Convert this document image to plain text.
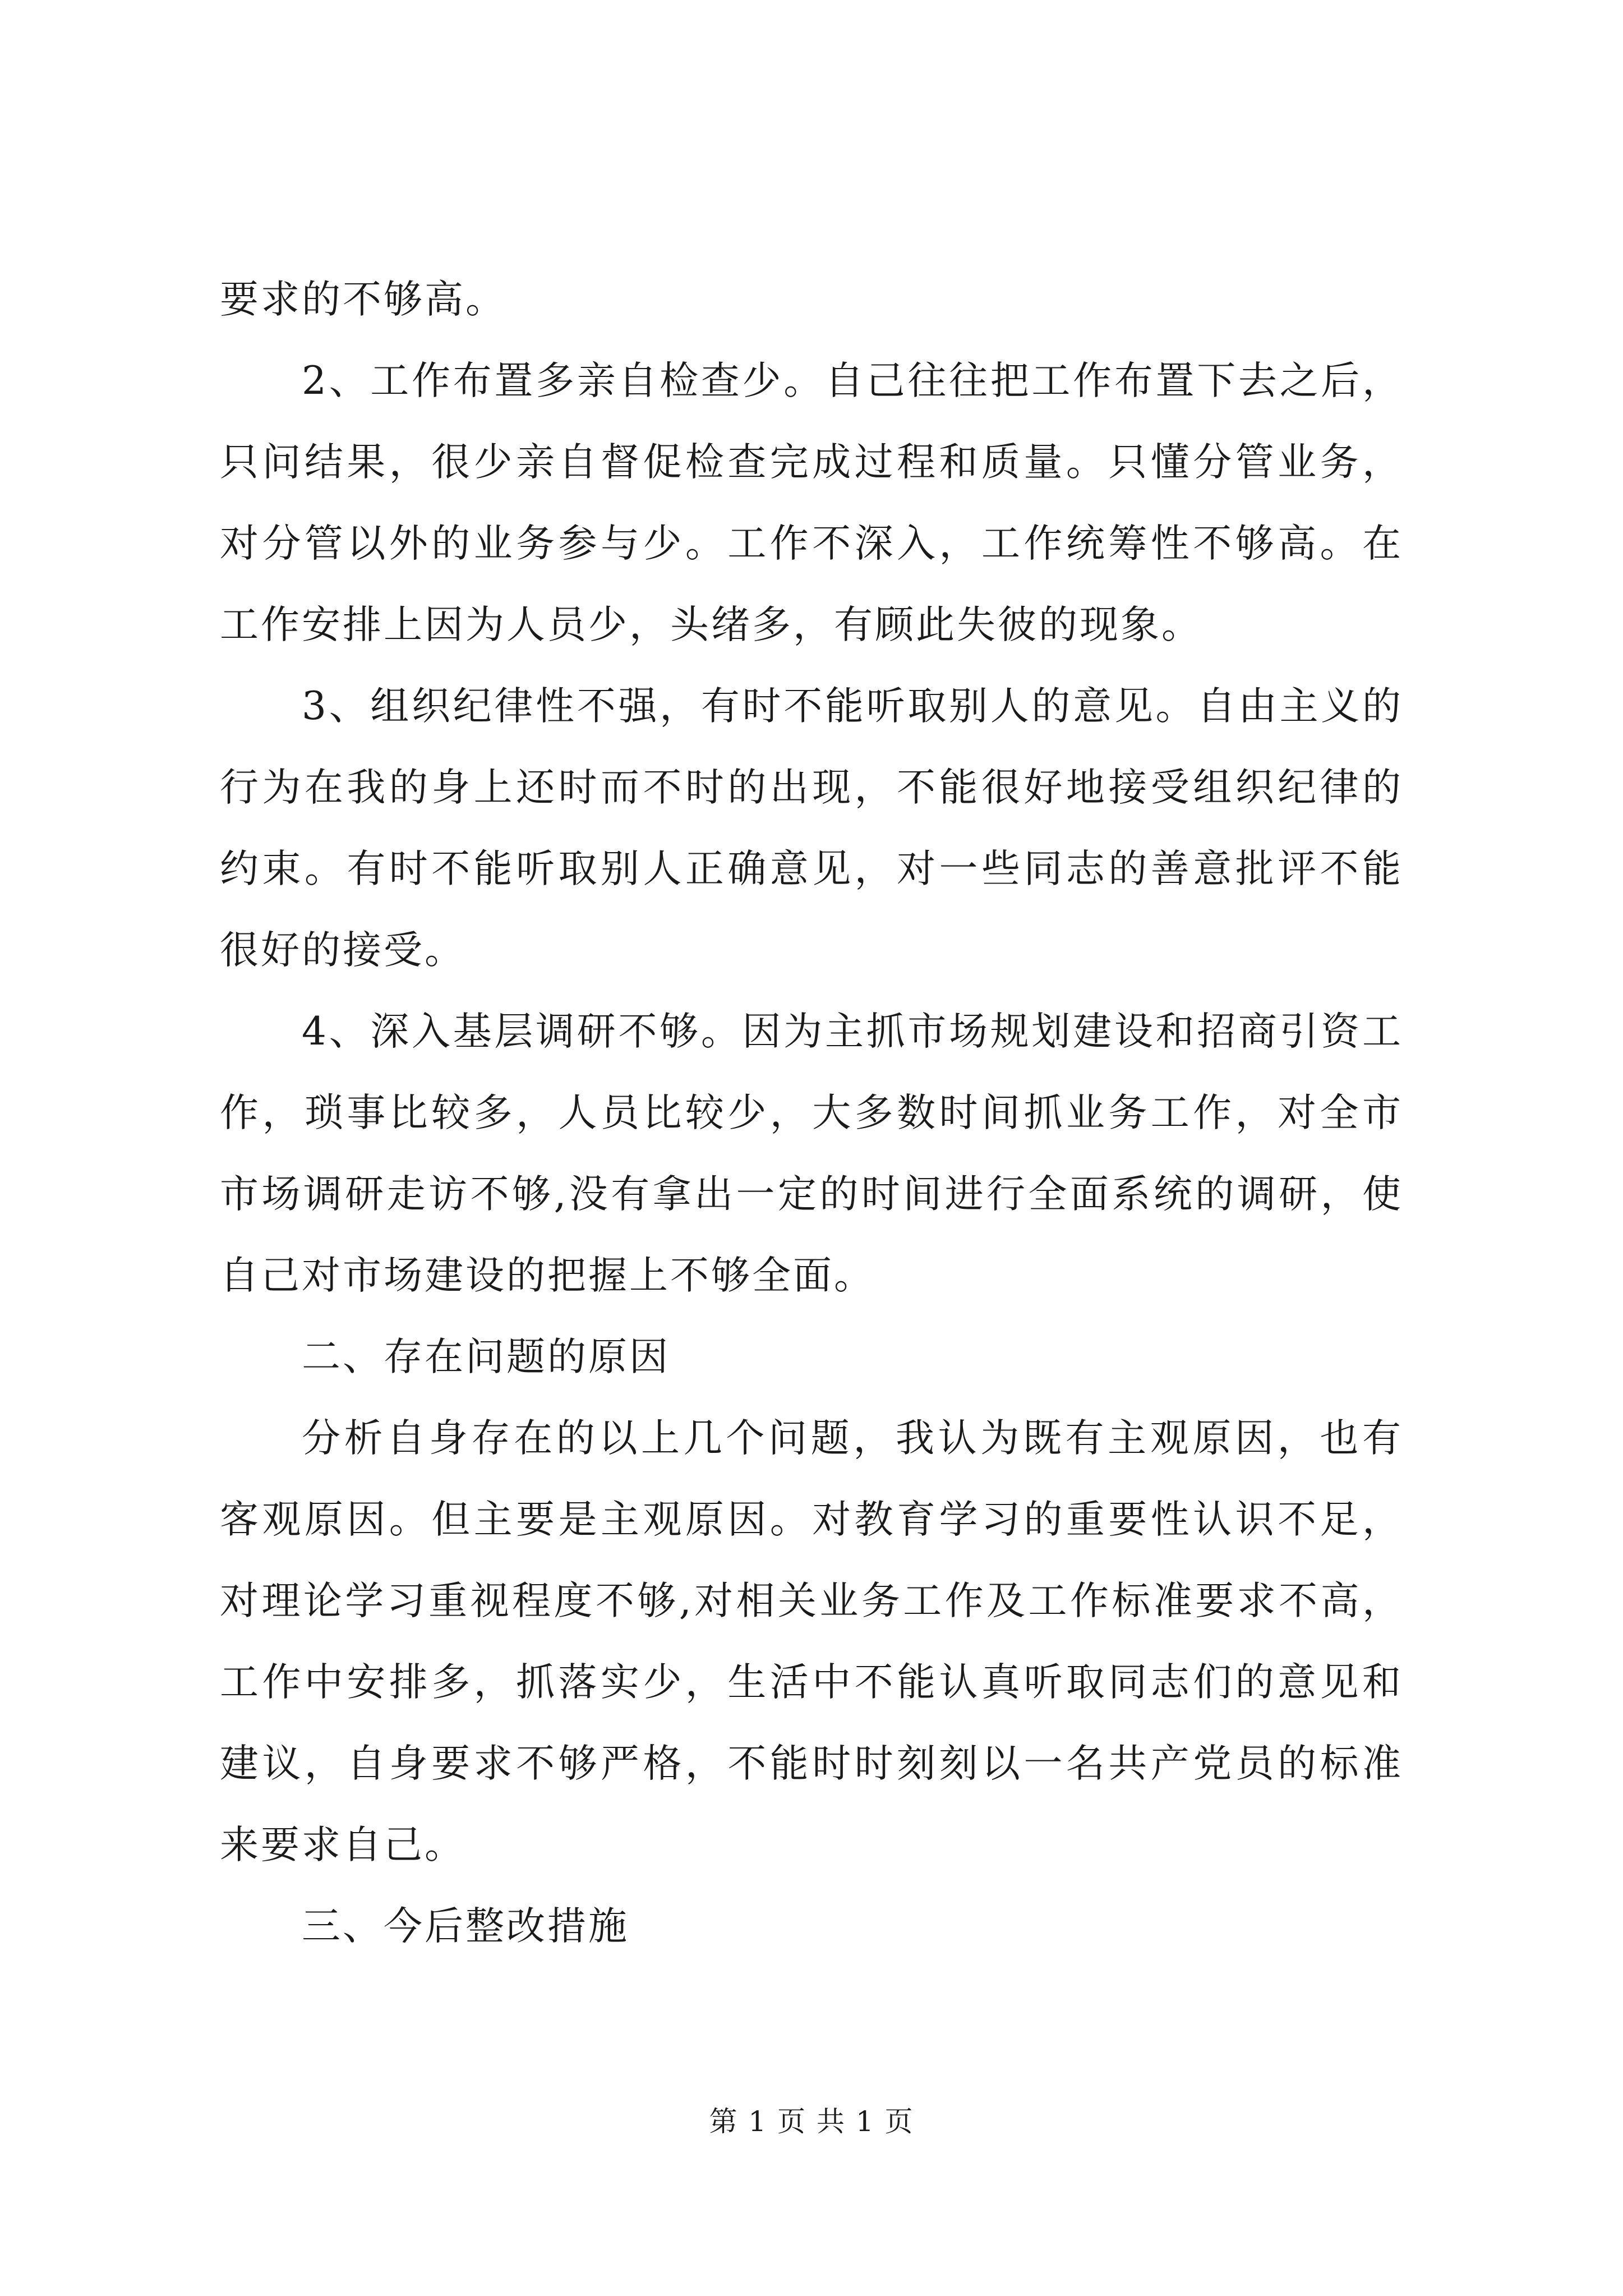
要求的不够高。

2、工作布置多亲自检查少。自己往往把工作布置下去之后，只问结果，很少亲自督促检查完成过程和质量。只懂分管业务，对分管以外的业务参与少。工作不深入，工作统筹性不够高。在工作安排上因为人员少，头绪多，有顾此失彼的现象。

3、组织纪律性不强，有时不能听取别人的意见。自由主义的行为在我的身上还时而不时的出现，不能很好地接受组织纪律的约束。有时不能听取别人正确意见，对一些同志的善意批评不能很好的接受。

4、深入基层调研不够。因为主抓市场规划建设和招商引资工作，琐事比较多，人员比较少，大多数时间抓业务工作，对全市市场调研走访不够,没有拿出一定的时间进行全面系统的调研，使自己对市场建设的把握上不够全面。

二、存在问题的原因

分析自身存在的以上几个问题，我认为既有主观原因，也有客观原因。但主要是主观原因。对教育学习的重要性认识不足，对理论学习重视程度不够,对相关业务工作及工作标准要求不高，工作中安排多，抓落实少，生活中不能认真听取同志们的意见和建议，自身要求不够严格，不能时时刻刻以一名共产党员的标准来要求自己。

三、今后整改措施

第 1 页 共 1 页
